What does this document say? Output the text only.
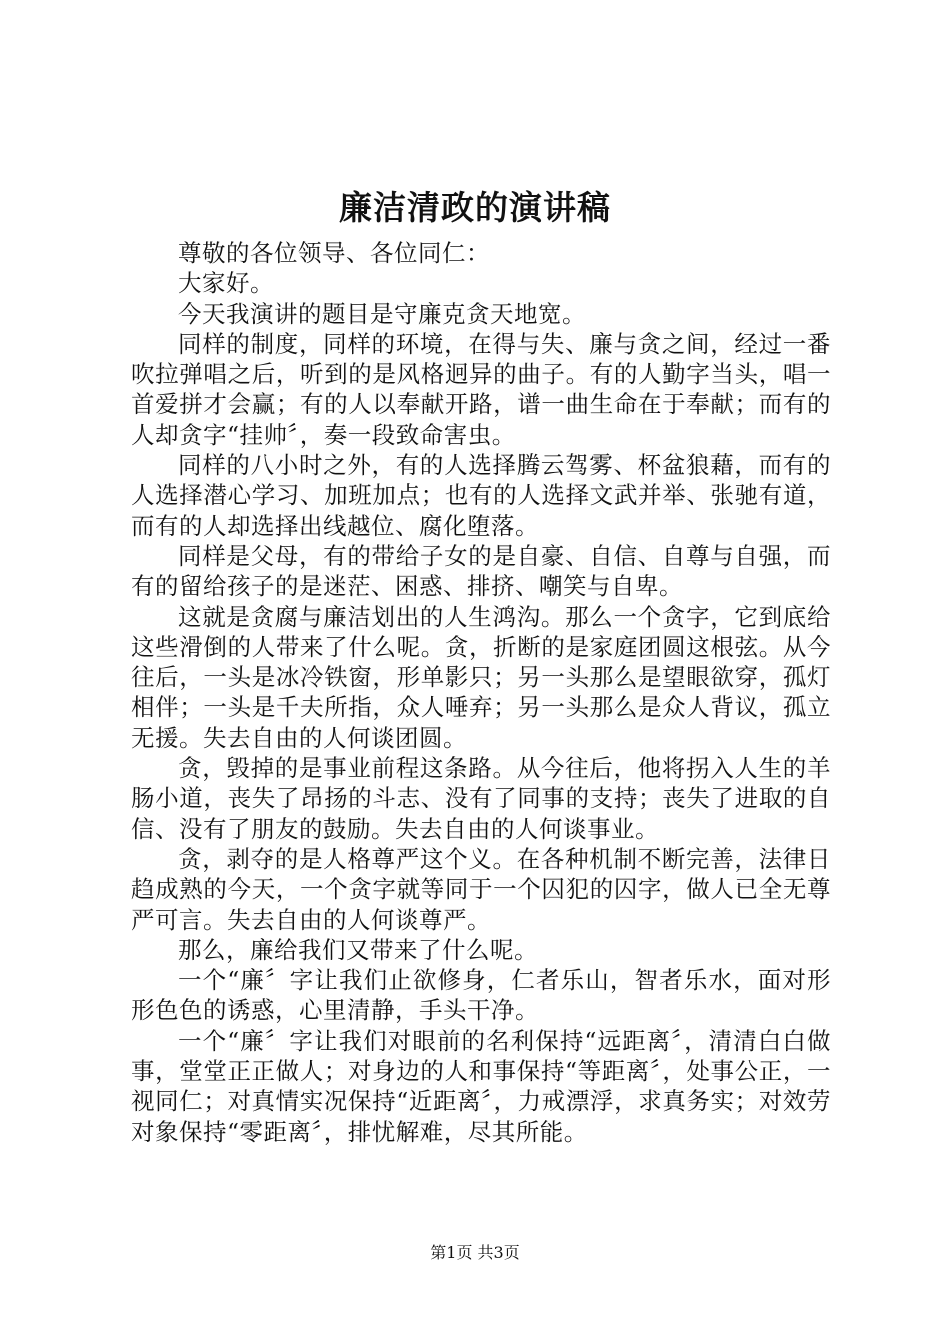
廉洁清政的演讲稿

尊敬的各位领导、各位同仁：

大家好。

今天我演讲的题目是守廉克贪天地宽。

同样的制度，同样的环境，在得与失、廉与贪之间，经过一番吹拉弹唱之后，听到的是风格迥异的曲子。有的人勤字当头，唱一首爱拼才会赢；有的人以奉献开路，谱一曲生命在于奉献；而有的人却贪字“挂帅〞，奏一段致命害虫。

同样的八小时之外，有的人选择腾云驾雾、杯盆狼藉，而有的人选择潜心学习、加班加点；也有的人选择文武并举、张驰有道，而有的人却选择出线越位、腐化堕落。

同样是父母，有的带给子女的是自豪、自信、自尊与自强，而有的留给孩子的是迷茫、困惑、排挤、嘲笑与自卑。

这就是贪腐与廉洁划出的人生鸿沟。那么一个贪字，它到底给这些滑倒的人带来了什么呢。贪，折断的是家庭团圆这根弦。从今往后，一头是冰冷铁窗，形单影只；另一头那么是望眼欲穿，孤灯相伴；一头是千夫所指，众人唾弃；另一头那么是众人背议，孤立无援。失去自由的人何谈团圆。

贪，毁掉的是事业前程这条路。从今往后，他将拐入人生的羊肠小道，丧失了昂扬的斗志、没有了同事的支持；丧失了进取的自信、没有了朋友的鼓励。失去自由的人何谈事业。

贪，剥夺的是人格尊严这个义。在各种机制不断完善，法律日趋成熟的今天，一个贪字就等同于一个囚犯的囚字，做人已全无尊严可言。失去自由的人何谈尊严。

那么，廉给我们又带来了什么呢。

一个“廉〞字让我们止欲修身，仁者乐山，智者乐水，面对形形色色的诱惑，心里清静，手头干净。

一个“廉〞字让我们对眼前的名利保持“远距离〞，清清白白做事，堂堂正正做人；对身边的人和事保持“等距离〞，处事公正，一视同仁；对真情实况保持“近距离〞，力戒漂浮，求真务实；对效劳对象保持“零距离〞，排忧解难，尽其所能。

第1页 共3页
